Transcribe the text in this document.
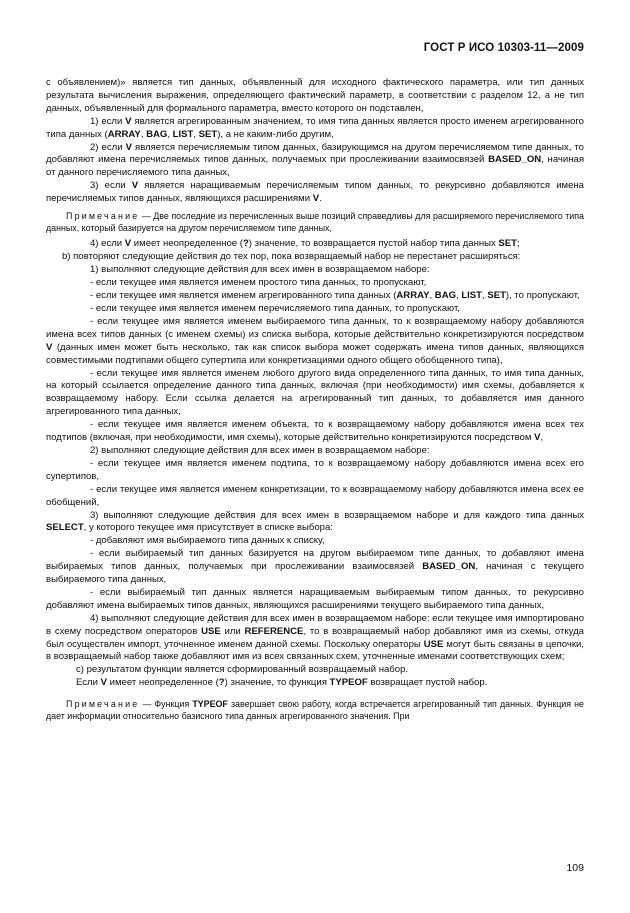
ГОСТ Р ИСО 10303-11—2009

с объявлением)» является тип данных, объявленный для исходного фактического параметра, или тип данных результата вычисления выражения, определяющего фактический параметр, в соответствии с разделом 12, а не тип данных, объявленный для формального параметра, вместо которого он подставлен,

1) если V является агрегированным значением, то имя типа данных является просто именем агрегированного типа данных (ARRAY, BAG, LIST, SET), а не каким-либо другим,

2) если V является перечисляемым типом данных, базирующимся на другом перечисляемом типе данных, то добавляют имена перечисляемых типов данных, получаемых при прослеживании взаимосвязей BASED_ON, начиная от данного перечисляемого типа данных,

3) если V является наращиваемым перечисляемым типом данных, то рекурсивно добавляются имена перечисляемых типов данных, являющихся расширениями V.

Примечание — Две последние из перечисленных выше позиций справедливы для расширяемого перечисляемого типа данных, который базируется на другом перечисляемом типе данных,

4) если V имеет неопределенное (?) значение, то возвращается пустой набор типа данных SET;

b) повторяют следующие действия до тех пор, пока возвращаемый набор не перестанет расширяться:

1) выполняют следующие действия для всех имен в возвращаемом наборе:

- если текущее имя является именем простого типа данных, то пропускают,

- если текущее имя является именем агрегированного типа данных (ARRAY, BAG, LIST, SET), то пропускают,

- если текущее имя является именем перечисляемого типа данных, то пропускают,

- если текущее имя является именем выбираемого типа данных, то к возвращаемому набору добавляются имена всех типов данных (с именем схемы) из списка выбора, которые действительно конкретизируются посредством V (данных имен может быть несколько, так как список выбора может содержать имена типов данных, являющихся совместимыми подтипами общего супертипа или конкретизациями одного общего обобщенного типа),

- если текущее имя является именем любого другого вида определенного типа данных, то имя типа данных, на который ссылается определение данного типа данных, включая (при необходимости) имя схемы, добавляется к возвращаемому набору. Если ссылка делается на агрегированный тип данных, то добавляется имя данного агрегированного типа данных,

- если текущее имя является именем объекта, то к возвращаемому набору добавляются имена всех тех подтипов (включая, при необходимости, имя схемы), которые действительно конкретизируются посредством V,

2) выполняют следующие действия для всех имен в возвращаемом наборе:

- если текущее имя является именем подтипа, то к возвращаемому набору добавляются имена всех его супертипов,

- если текущее имя является именем конкретизации, то к возвращаемому набору добавляются имена всех ее обобщений,

3) выполняют следующие действия для всех имен в возвращаемом наборе и для каждого типа данных SELECT, у которого текущее имя присутствует в списке выбора:

- добавляют имя выбираемого типа данных к списку,

- если выбираемый тип данных базируется на другом выбираемом типе данных, то добавляют имена выбираемых типов данных, получаемых при прослеживании взаимосвязей BASED_ON, начиная с текущего выбираемого типа данных,

- если выбираемый тип данных является наращиваемым выбираемым типом данных, то рекурсивно добавляют имена выбираемых типов данных, являющихся расширениями текущего выбираемого типа данных,

4) выполняют следующие действия для всех имен в возвращаемом наборе: если текущее имя импортировано в схему посредством операторов USE или REFERENCE, то в возвращаемый набор добавляют имя из схемы, откуда был осуществлен импорт, уточненное именем данной схемы. Поскольку операторы USE могут быть связаны в цепочки, в возвращаемый набор также добавляют имя из всех связанных схем, уточненные именами соответствующих схем;

c) результатом функции является сформированный возвращаемый набор.

Если V имеет неопределенное (?) значение, то функция TYPEOF возвращает пустой набор.

Примечание — Функция TYPEOF завершает свою работу, когда встречается агрегированный тип данных. Функция не дает информации относительно базисного типа данных агрегированного значения. При

109
